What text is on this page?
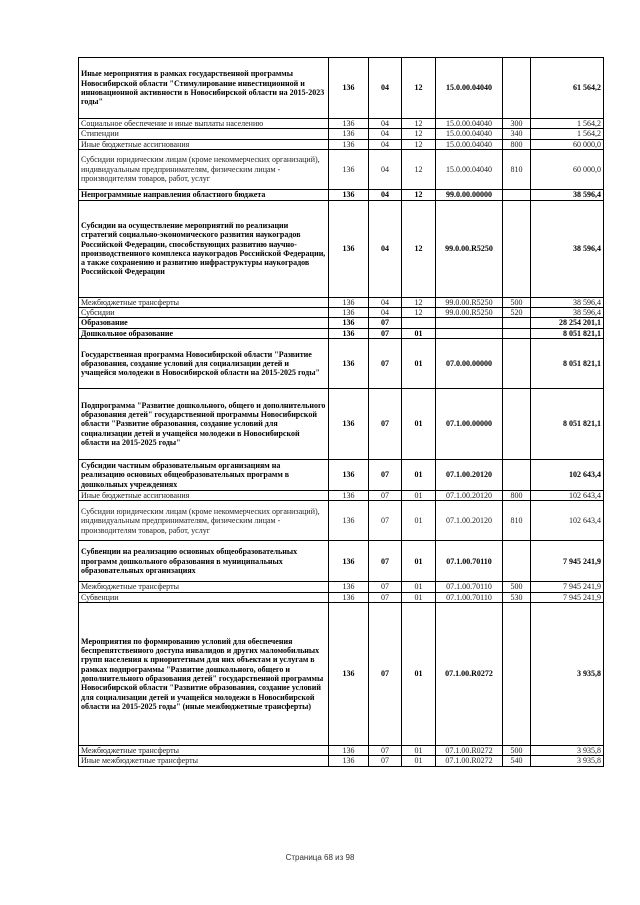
Иные мероприятия в рамках государственной программы Новосибирской области "Стимулирование инвестиционной и инновационной активности в Новосибирской области на 2015-2023 годы"	136	04	12	15.0.00.04040		61 564,2
Социальное обеспечение и иные выплаты населению	136	04	12	15.0.00.04040	300	1 564,2
Стипендии	136	04	12	15.0.00.04040	340	1 564,2
Иные бюджетные ассигнования	136	04	12	15.0.00.04040	800	60 000,0
Субсидии юридическим лицам (кроме некоммерческих организаций), индивидуальным предпринимателям, физическим лицам - производителям товаров, работ, услуг	136	04	12	15.0.00.04040	810	60 000,0
Непрограммные направления областного бюджета	136	04	12	99.0.00.00000		38 596,4
Субсидии на осуществление мероприятий по реализации стратегий социально-экономического развития наукоградов Российской Федерации, способствующих развитию научно-производственного комплекса наукоградов Российской Федерации, а также сохранению и развитию инфраструктуры наукоградов Российской Федерации	136	04	12	99.0.00.R5250		38 596,4
Межбюджетные трансферты	136	04	12	99.0.00.R5250	500	38 596,4
Субсидии	136	04	12	99.0.00.R5250	520	38 596,4
Образование	136	07				28 254 201,1
Дошкольное образование	136	07	01			8 051 821,1
Государственная программа Новосибирской области "Развитие образования, создание условий для социализации детей и учащейся молодежи в Новосибирской области на 2015-2025 годы"	136	07	01	07.0.00.00000		8 051 821,1
Подпрограмма "Развитие дошкольного, общего и дополнительного образования детей" государственной программы Новосибирской области "Развитие образования, создание условий для социализации детей и учащейся молодежи в Новосибирской области на 2015-2025 годы"	136	07	01	07.1.00.00000		8 051 821,1
Субсидии частным образовательным организациям на реализацию основных общеобразовательных программ в дошкольных учреждениях	136	07	01	07.1.00.20120		102 643,4
Иные бюджетные ассигнования	136	07	01	07.1.00.20120	800	102 643,4
Субсидии юридическим лицам (кроме некоммерческих организаций), индивидуальным предпринимателям, физическим лицам - производителям товаров, работ, услуг	136	07	01	07.1.00.20120	810	102 643,4
Субвенции на реализацию основных общеобразовательных программ дошкольного образования в муниципальных образовательных организациях	136	07	01	07.1.00.70110		7 945 241,9
Межбюджетные трансферты	136	07	01	07.1.00.70110	500	7 945 241,9
Субвенции	136	07	01	07.1.00.70110	530	7 945 241,9
Мероприятия по формированию условий для обеспечения беспрепятственного доступа инвалидов и других маломобильных групп населения к приоритетным для них объектам и услугам в рамках подпрограммы "Развитие дошкольного, общего и дополнительного образования детей" государственной программы Новосибирской области "Развитие образования, создание условий для социализации детей и учащейся молодежи в Новосибирской области на 2015-2025 годы" (иные межбюджетные трансферты)	136	07	01	07.1.00.R0272		3 935,8
Межбюджетные трансферты	136	07	01	07.1.00.R0272	500	3 935,8
Иные межбюджетные трансферты	136	07	01	07.1.00.R0272	540	3 935,8
Страница 68 из 98
